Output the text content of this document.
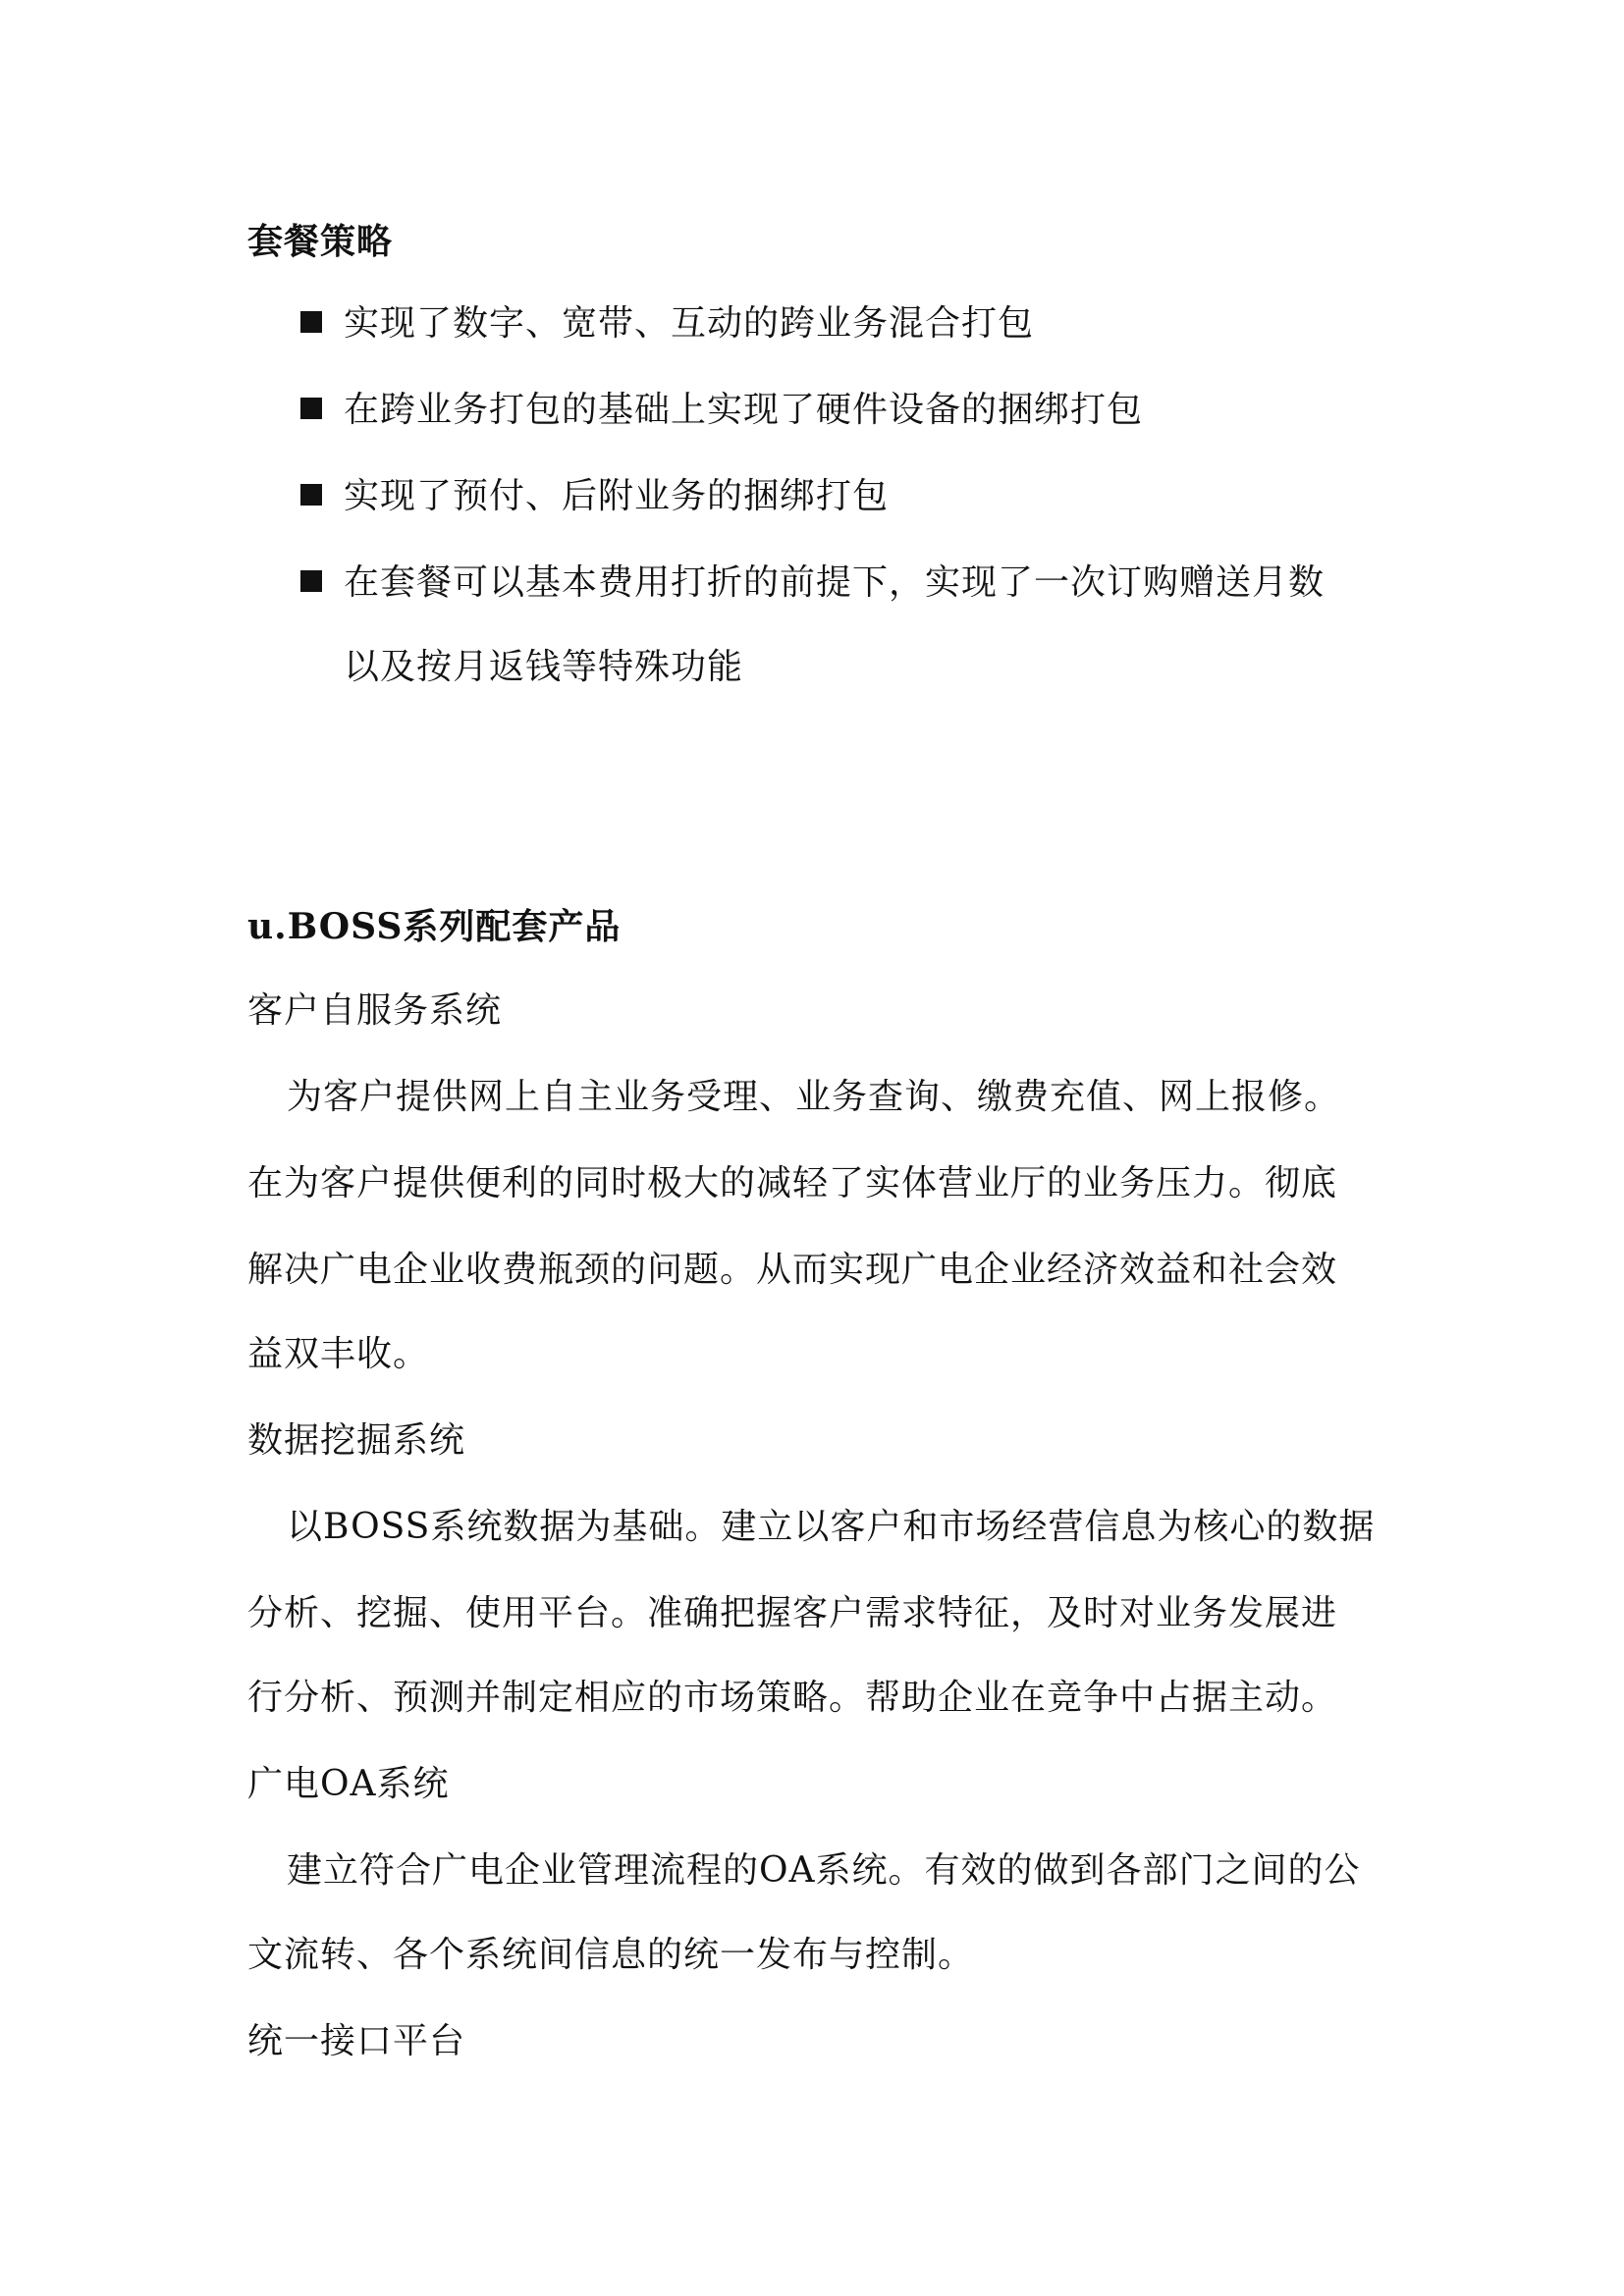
套餐策略
实现了数字、宽带、互动的跨业务混合打包
在跨业务打包的基础上实现了硬件设备的捆绑打包
实现了预付、后附业务的捆绑打包
在套餐可以基本费用打折的前提下，实现了一次订购赠送月数
以及按月返钱等特殊功能
u.BOSS系列配套产品
客户自服务系统
为客户提供网上自主业务受理、业务查询、缴费充值、网上报修。
在为客户提供便利的同时极大的减轻了实体营业厅的业务压力。彻底
解决广电企业收费瓶颈的问题。从而实现广电企业经济效益和社会效
益双丰收。
数据挖掘系统
以BOSS系统数据为基础。建立以客户和市场经营信息为核心的数据
分析、挖掘、使用平台。准确把握客户需求特征，及时对业务发展进
行分析、预测并制定相应的市场策略。帮助企业在竞争中占据主动。
广电OA系统
建立符合广电企业管理流程的OA系统。有效的做到各部门之间的公
文流转、各个系统间信息的统一发布与控制。
统一接口平台
